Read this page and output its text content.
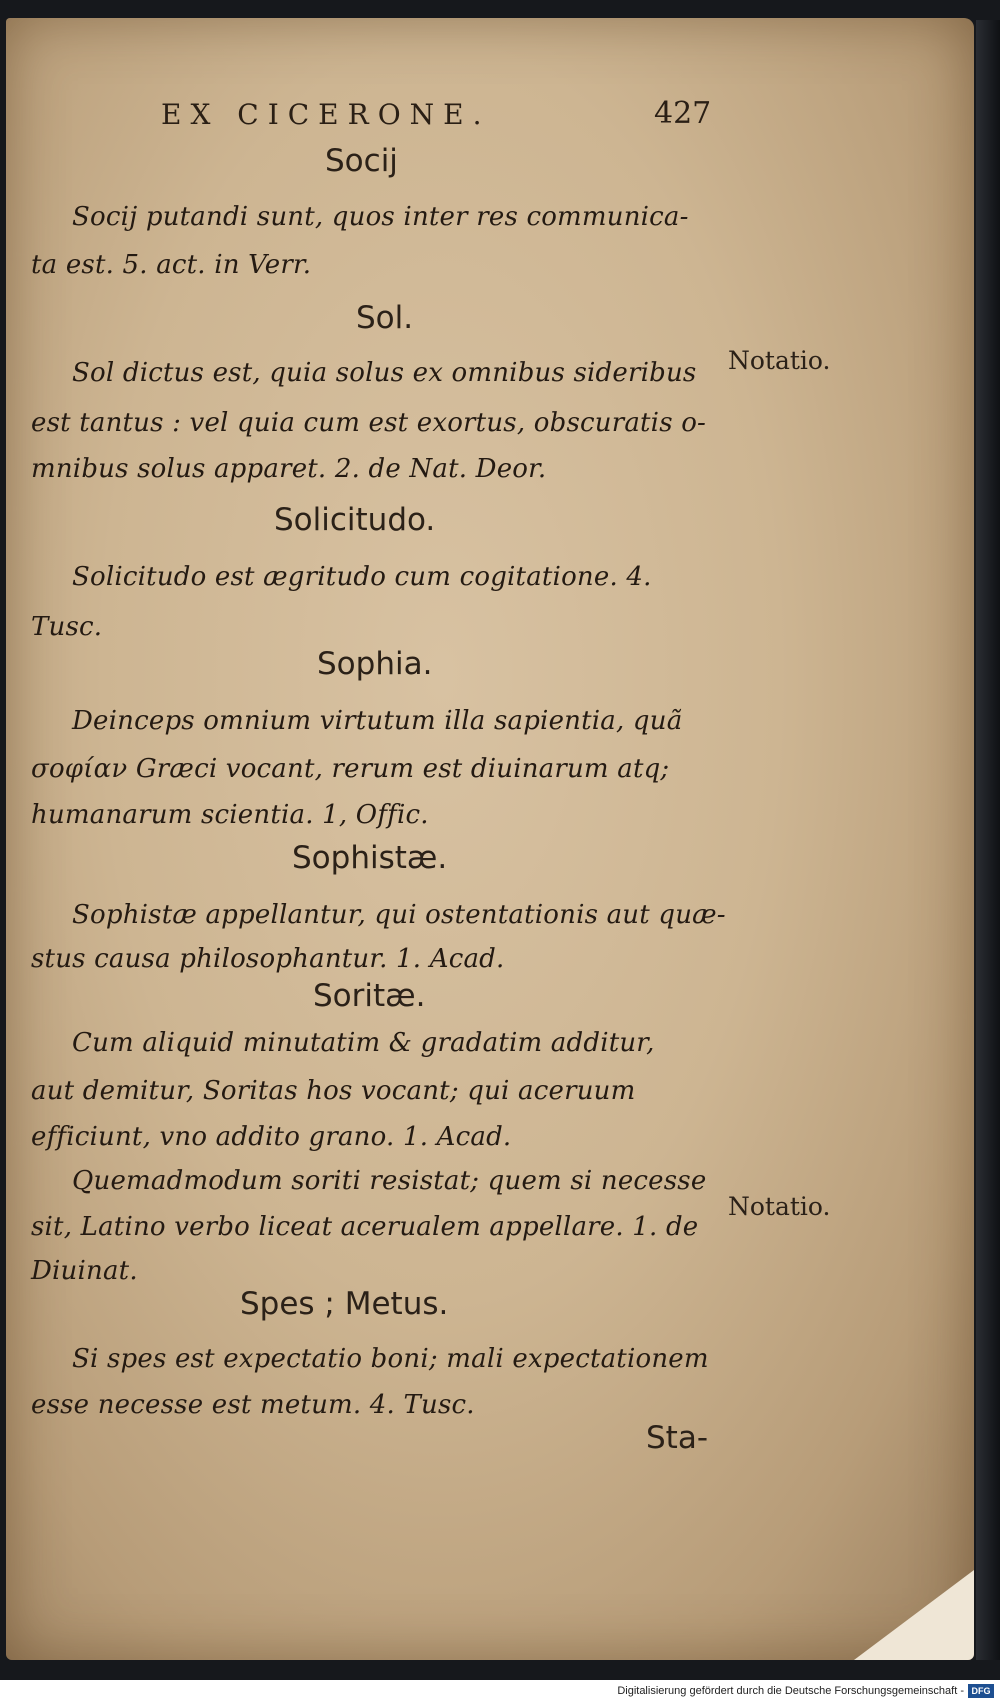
EX CICERONE.	427
Socij
Socij putandi sunt, quos inter res communica-
ta est. 5. act. in Verr.
Sol.
Sol dictus est, quia solus ex omnibus sideribus
est tantus : vel quia cum est exortus, obscuratis o-
mnibus solus apparet. 2. de Nat. Deor.
Notatio.
Solicitudo.
Solicitudo est ægritudo cum cogitatione. 4.
Tusc.
Sophia.
Deinceps omnium virtutum illa sapientia, quã
σοφίαν Græci vocant, rerum est diuinarum atq;
humanarum scientia. 1, Offic.
Sophistæ.
Sophistæ appellantur, qui ostentationis aut quæ-
stus causa philosophantur. 1. Acad.
Soritæ.
Cum aliquid minutatim & gradatim additur,
aut demitur, Soritas hos vocant; qui aceruum
efficiunt, vno addito grano. 1. Acad.
Quemadmodum soriti resistat; quem si necesse
sit, Latino verbo liceat acerualem appellare. 1. de
Diuinat.
Notatio.
Spes ; Metus.
Si spes est expectatio boni; mali expectationem
esse necesse est metum. 4. Tusc.
Sta-
Digitalisierung gefördert durch die Deutsche Forschungsgemeinschaft - DFG
